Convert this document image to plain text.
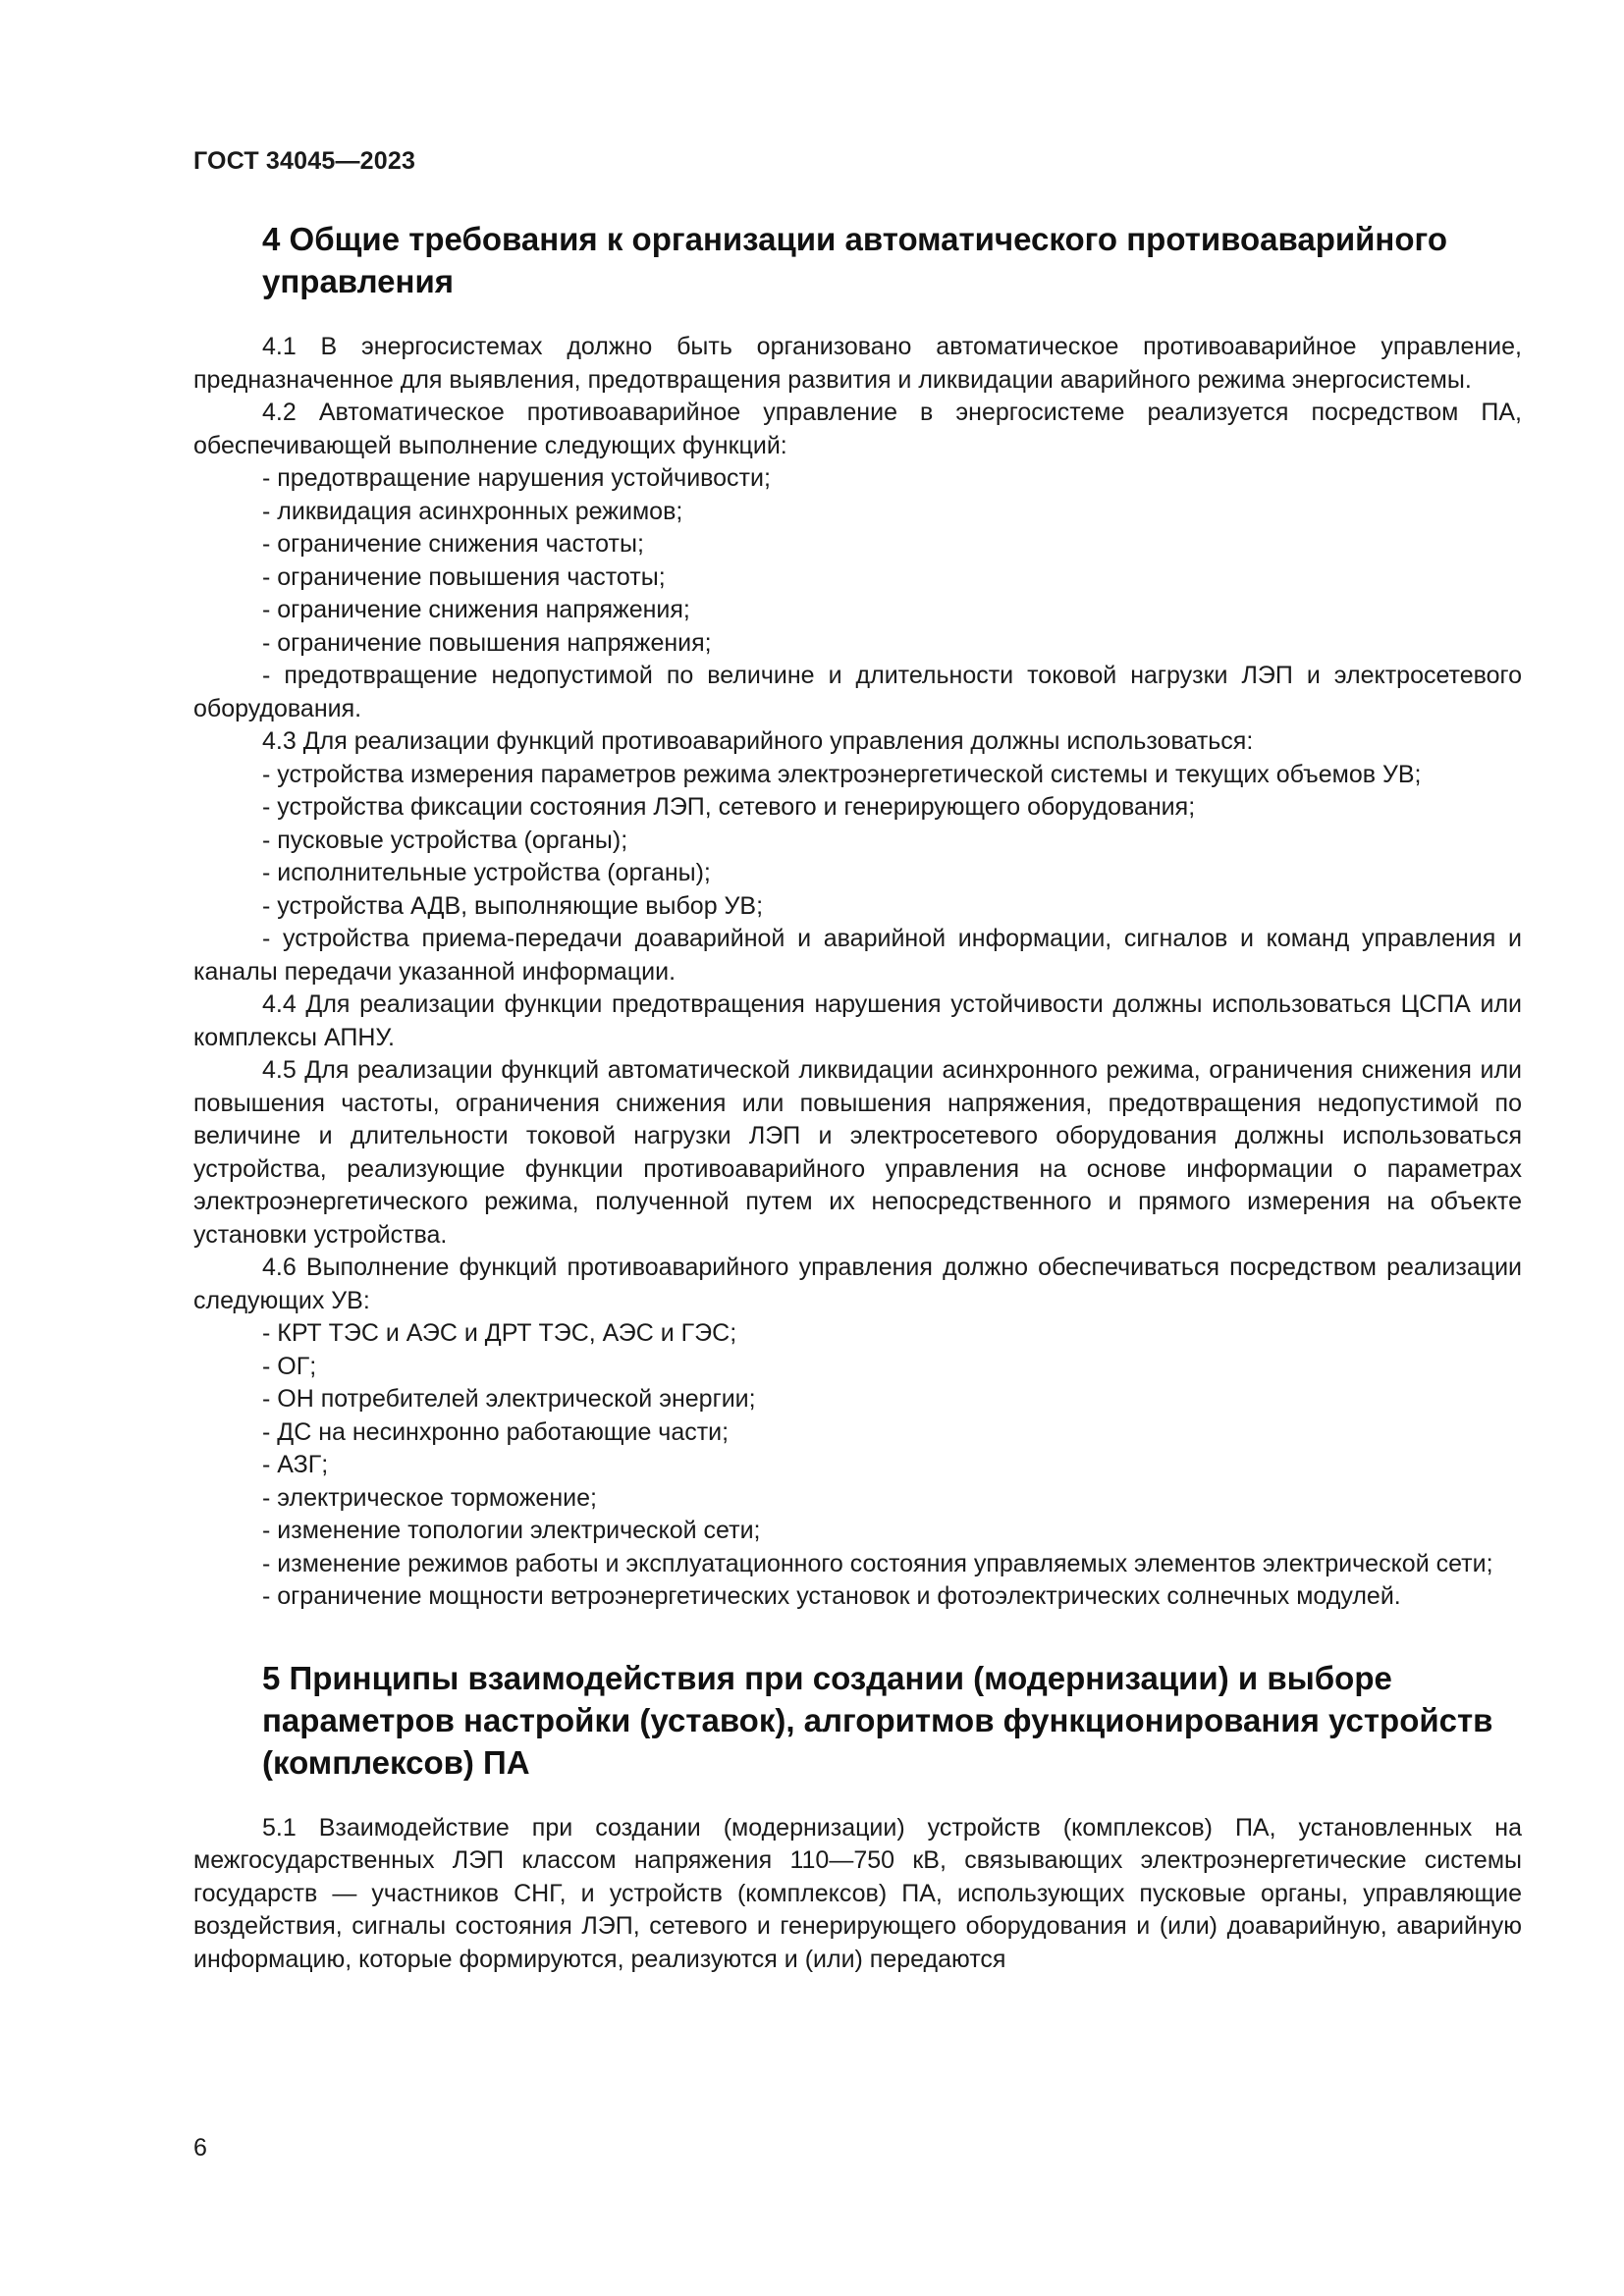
ГОСТ 34045—2023
4 Общие требования к организации автоматического противоаварийного управления

4.1 В энергосистемах должно быть организовано автоматическое противоаварийное управление, предназначенное для выявления, предотвращения развития и ликвидации аварийного режима энергосистемы.

4.2 Автоматическое противоаварийное управление в энергосистеме реализуется посредством ПА, обеспечивающей выполнение следующих функций:

- предотвращение нарушения устойчивости;

- ликвидация асинхронных режимов;

- ограничение снижения частоты;

- ограничение повышения частоты;

- ограничение снижения напряжения;

- ограничение повышения напряжения;

- предотвращение недопустимой по величине и длительности токовой нагрузки ЛЭП и электросетевого оборудования.

4.3 Для реализации функций противоаварийного управления должны использоваться:

- устройства измерения параметров режима электроэнергетической системы и текущих объемов УВ;

- устройства фиксации состояния ЛЭП, сетевого и генерирующего оборудования;

- пусковые устройства (органы);

- исполнительные устройства (органы);

- устройства АДВ, выполняющие выбор УВ;

- устройства приема-передачи доаварийной и аварийной информации, сигналов и команд управления и каналы передачи указанной информации.

4.4 Для реализации функции предотвращения нарушения устойчивости должны использоваться ЦСПА или комплексы АПНУ.

4.5 Для реализации функций автоматической ликвидации асинхронного режима, ограничения снижения или повышения частоты, ограничения снижения или повышения напряжения, предотвращения недопустимой по величине и длительности токовой нагрузки ЛЭП и электросетевого оборудования должны использоваться устройства, реализующие функции противоаварийного управления на основе информации о параметрах электроэнергетического режима, полученной путем их непосредственного и прямого измерения на объекте установки устройства.

4.6 Выполнение функций противоаварийного управления должно обеспечиваться посредством реализации следующих УВ:

- КРТ ТЭС и АЭС и ДРТ ТЭС, АЭС и ГЭС;

- ОГ;

- ОН потребителей электрической энергии;

- ДС на несинхронно работающие части;

- АЗГ;

- электрическое торможение;

- изменение топологии электрической сети;

- изменение режимов работы и эксплуатационного состояния управляемых элементов электрической сети;

- ограничение мощности ветроэнергетических установок и фотоэлектрических солнечных модулей.

5 Принципы взаимодействия при создании (модернизации) и выборе параметров настройки (уставок), алгоритмов функционирования устройств (комплексов) ПА

5.1 Взаимодействие при создании (модернизации) устройств (комплексов) ПА, установленных на межгосударственных ЛЭП классом напряжения 110—750 кВ, связывающих электроэнергетические системы государств — участников СНГ, и устройств (комплексов) ПА, использующих пусковые органы, управляющие воздействия, сигналы состояния ЛЭП, сетевого и генерирующего оборудования и (или) доаварийную, аварийную информацию, которые формируются, реализуются и (или) передаются

6
